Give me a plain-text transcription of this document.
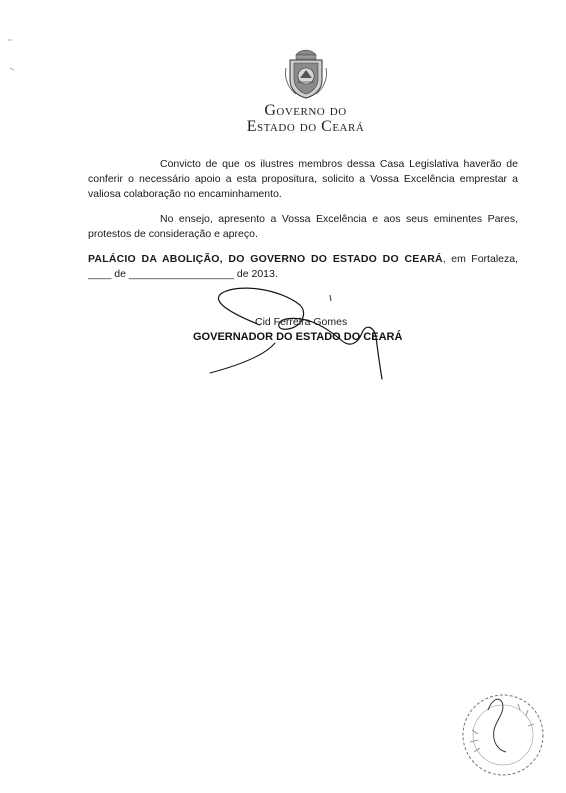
Governo do
Estado do Ceará
Convicto de que os ilustres membros dessa Casa Legislativa haverão de conferir o necessário apoio a esta propositura, solicito a Vossa Excelência emprestar a valiosa colaboração no encaminhamento.
No ensejo, apresento a Vossa Excelência e aos seus eminentes Pares, protestos de consideração e apreço.
PALÁCIO DA ABOLIÇÃO, DO GOVERNO DO ESTADO DO CEARÁ, em Fortaleza, ____ de __________________ de 2013.
Cid Ferreira Gomes
GOVERNADOR DO ESTADO DO CEARÁ
